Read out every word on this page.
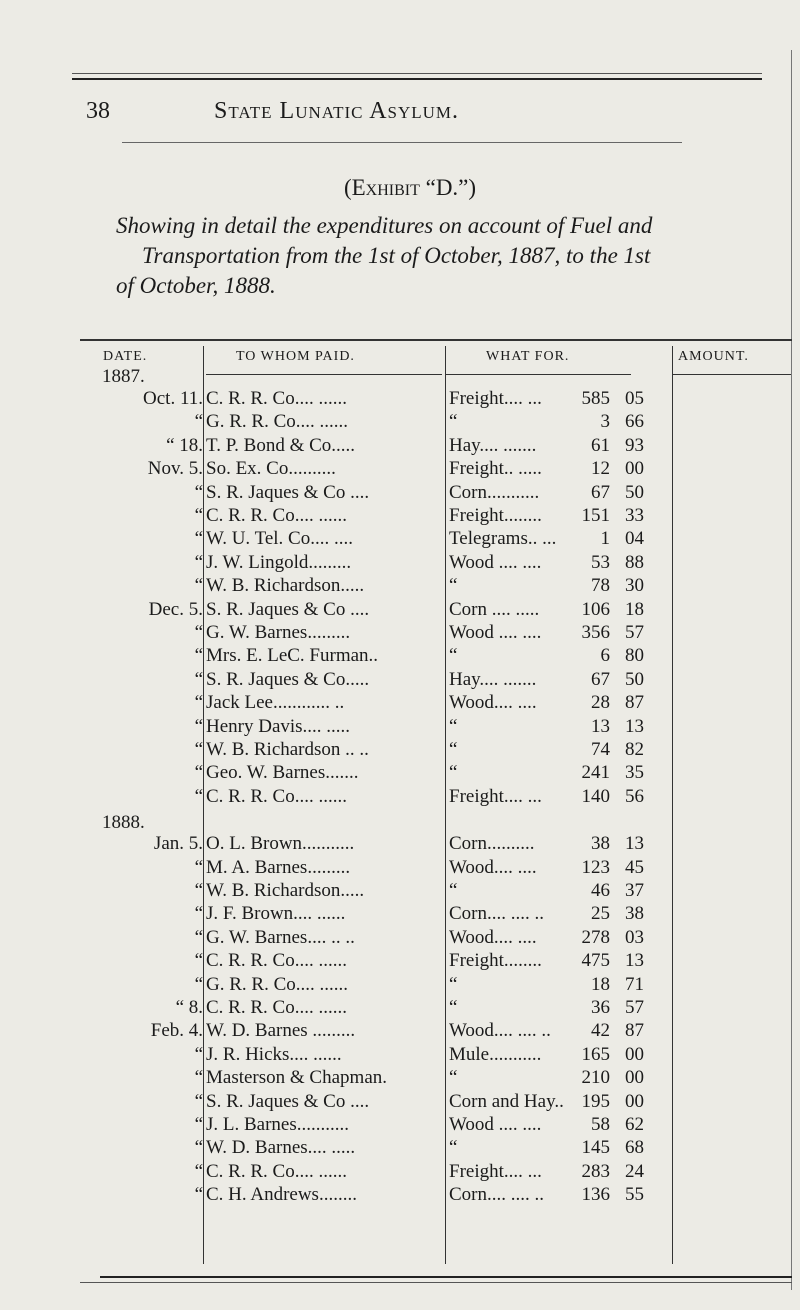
38	State Lunatic Asylum.
(Exhibit “D.”)
Showing in detail the expenditures on account of Fuel and
Transportation from the 1st of October, 1887, to the 1st
of October, 1888.
DATE.	TO WHOM PAID.	WHAT FOR.	AMOUNT.
1887.
1888.
Oct. 11. C. R. R. Co.... ......	Freight.... ...	585 05
“ G. R. R. Co.... ......	“	3 66
“ 18. T. P. Bond & Co.....	Hay.... .......	61 93
Nov. 5. So. Ex. Co..........	Freight.. .....	12 00
“ S. R. Jaques & Co ....	Corn...........	67 50
“ C. R. R. Co.... ......	Freight........	151 33
“ W. U. Tel. Co.... ....	Telegrams.. ...	1 04
“ J. W. Lingold.........	Wood .... ....	53 88
“ W. B. Richardson.....	“	78 30
Dec. 5. S. R. Jaques & Co ....	Corn .... .....	106 18
“ G. W. Barnes.........	Wood .... ....	356 57
“ Mrs. E. LeC. Furman..	“	6 80
“ S. R. Jaques & Co.....	Hay.... .......	67 50
“ Jack Lee............ ..	Wood.... ....	28 87
“ Henry Davis.... .....	“	13 13
“ W. B. Richardson .. ..	“	74 82
“ Geo. W. Barnes.......	“	241 35
“ C. R. R. Co.... ......	Freight.... ...	140 56
Jan. 5. O. L. Brown...........	Corn..........	38 13
“ M. A. Barnes.........	Wood.... ....	123 45
“ W. B. Richardson.....	“	46 37
“ J. F. Brown.... ......	Corn.... .... ..	25 38
“ G. W. Barnes.... .. ..	Wood.... ....	278 03
“ C. R. R. Co.... ......	Freight........	475 13
“ G. R. R. Co.... ......	“	18 71
“ 8. C. R. R. Co.... ......	“	36 57
Feb. 4. W. D. Barnes .........	Wood.... .... ..	42 87
“ J. R. Hicks.... ......	Mule...........	165 00
“ Masterson & Chapman.	“	210 00
“ S. R. Jaques & Co ....	Corn and Hay.. 195 00
“ J. L. Barnes...........	Wood .... ....	58 62
“ W. D. Barnes.... .....	“	145 68
“ C. R. R. Co.... ......	Freight.... ...	283 24
“ C. H. Andrews........	Corn.... .... ..	136 55
